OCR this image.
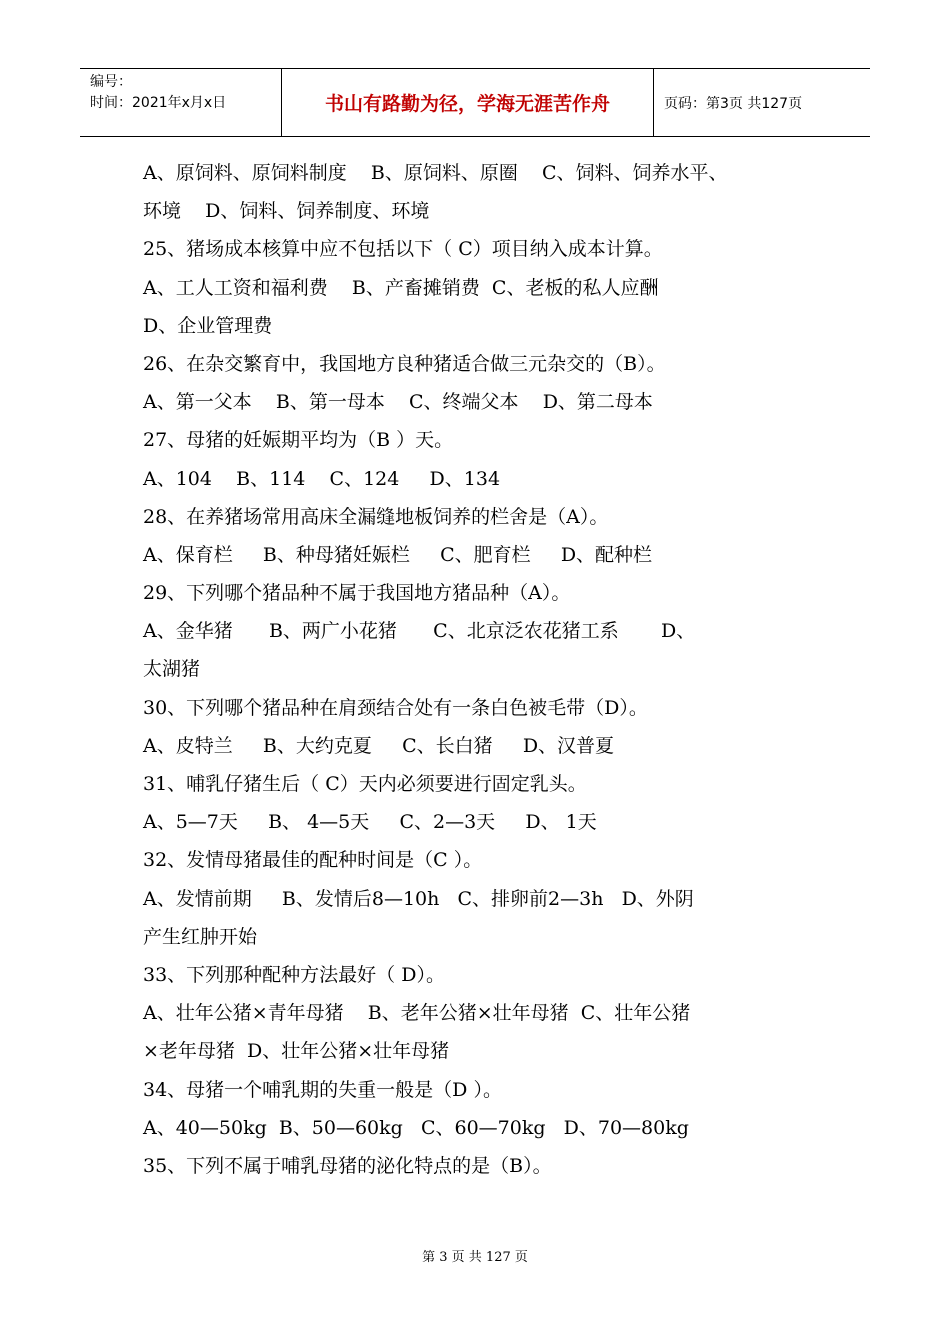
编号：
时间：2021年x月x日	书山有路勤为径，学海无涯苦作舟	页码：第3页 共127页
A、原饲料、原饲料制度    B、原饲料、原圈    C、饲料、饲养水平、
环境    D、饲料、饲养制度、环境
25、猪场成本核算中应不包括以下（ C）项目纳入成本计算。
A、工人工资和福利费    B、产畜摊销费  C、老板的私人应酬
D、企业管理费
26、在杂交繁育中，我国地方良种猪适合做三元杂交的（B）。
A、第一父本    B、第一母本    C、终端父本    D、第二母本
27、母猪的妊娠期平均为（B ）天。
A、104    B、114    C、124     D、134
28、在养猪场常用高床全漏缝地板饲养的栏舍是（A）。
A、保育栏     B、种母猪妊娠栏     C、肥育栏     D、配种栏
29、下列哪个猪品种不属于我国地方猪品种（A）。
A、金华猪      B、两广小花猪      C、北京泛农花猪工系       D、
太湖猪
30、下列哪个猪品种在肩颈结合处有一条白色被毛带（D）。
A、皮特兰     B、大约克夏     C、长白猪     D、汉普夏
31、哺乳仔猪生后（ C）天内必须要进行固定乳头。
A、5—7天     B、 4—5天     C、2—3天     D、 1天
32、发情母猪最佳的配种时间是（C ）。
A、发情前期     B、发情后8—10h   C、排卵前2—3h   D、外阴
产生红肿开始
33、下列那种配种方法最好（ D）。
A、壮年公猪×青年母猪    B、老年公猪×壮年母猪  C、壮年公猪
×老年母猪  D、壮年公猪×壮年母猪
34、母猪一个哺乳期的失重一般是（D ）。
A、40—50kg  B、50—60kg   C、60—70kg   D、70—80kg
35、下列不属于哺乳母猪的泌化特点的是（B）。
第 3 页 共 127 页
